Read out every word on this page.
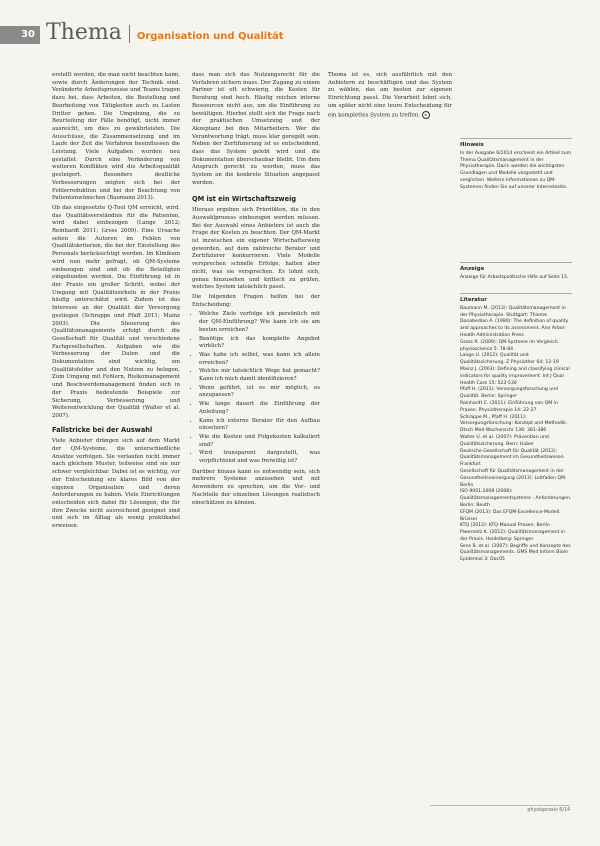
30 Thema Organisation und Qualität

erstellt werden, die man nicht beachten kann, sowie durch Änderungen der Technik sind. Veränderte Arbeitsprozesse und Teams tragen dazu bei, dass Arbeiten, die Bestellung und Bearbeitung von Tätigkeiten auch zu Lasten Dritter gehen. Die Umgebung, die zu Beurteilung der Fälle benötigt, nicht immer ausreicht, um dies zu gewährleisten. Die Ausschüsse, die Zusammensetzung und im Laufe der Zeit die Verfahren beeinflussen die Leistung. Viele Aufgaben wurden neu gestaltet. Durch eine Veränderung von weiteren Konflikten wird die Arbeitsqualität gesteigert. Besonders deutliche Verbesserungen zeigten sich bei der Fehlerreduktion und bei der Beachtung von Patientenwünschen (Baumann 2013).

Ob das eingesetzte Q-Tool QM erreicht, wird, das Qualitätsverständnis für die Patienten, wird dabei einbezogen (Lange 2012; Reinhardt 2011; Gross 2009). Eine Ursache sehen die Autoren im Fehlen von Qualitätskriterien, die bei der Einstellung des Personals berücksichtigt werden. Im Klinikum wird nun mehr gefragt, ob QM-Systeme einbezogen sind und ob die Beteiligten eingebunden werden. Die Einführung ist in der Praxis ein großer Schritt, wobei der Umgang mit Qualitätszirkeln in der Praxis häufig unterschätzt wird. Zudem ist das Interesse an der Qualität der Versorgung gestiegen (Schrappe und Pfaff 2011; Mainz 2003). Die Steuerung des Qualitätsmanagements erfolgt durch die Gesellschaft für Qualität und verschiedene Fachgesellschaften. Aufgaben wie die Verbesserung der Daten und die Dokumentation sind wichtig, um Qualitätsfelder und den Nutzen zu belegen. Zum Umgang mit Fehlern, Risikomanagement und Beschwerdemanagement finden sich in der Praxis bedeutende Beispiele zur Sicherung, Verbesserung und Weiterentwicklung der Qualität (Walter et al. 2007).

Fallstricke bei der Auswahl

Viele Anbieter drängen sich auf dem Markt der QM-Systeme, die unterschiedliche Ansätze verfolgen. Sie verlaufen nicht immer nach gleichem Muster, teilweise sind sie nur schwer vergleichbar. Dabei ist es wichtig, vor der Entscheidung ein klares Bild von der eigenen Organisation und deren Anforderungen zu haben. Viele Einrichtungen entscheiden sich dabei für Lösungen, die für ihre Zwecke nicht ausreichend geeignet sind und sich im Alltag als wenig praktikabel erweisen.

dass man sich das Nutzungsrecht für die Verfahren sichern muss. Der Zugang zu einem Partner ist oft schwierig, die Kosten für Beratung sind hoch. Häufig reichen interne Ressourcen nicht aus, um die Einführung zu bewältigen. Hierbei stellt sich die Frage nach der praktischen Umsetzung und der Akzeptanz bei den Mitarbeitern. Wer die Verantwortung trägt, muss klar geregelt sein. Neben der Zertifizierung ist es entscheidend, dass das System gelebt wird und die Dokumentation überschaubar bleibt. Um dem Anspruch gerecht zu werden, muss das System an die konkrete Situation angepasst werden.

QM ist ein Wirtschaftszweig

Hieraus ergeben sich Prioritäten, die in den Auswahlprozess einbezogen werden müssen. Bei der Auswahl eines Anbieters ist auch die Frage der Kosten zu beachten. Der QM-Markt ist inzwischen ein eigener Wirtschaftszweig geworden, auf dem zahlreiche Berater und Zertifizierer konkurrieren. Viele Modelle versprechen schnelle Erfolge, halten aber nicht, was sie versprechen. Es lohnt sich, genau hinzusehen und kritisch zu prüfen, welches System tatsächlich passt.

Die folgenden Fragen helfen bei der Entscheidung:

• Welche Ziele verfolge ich persönlich mit der QM-Einführung? Wie kann ich sie am besten erreichen?
• Benötige ich das komplette Angebot wirklich?
• Was habe ich selbst, was kann ich allein erreichen?
• Welche mir tatsächlich Wege hat gemacht? Kann ich mich damit identifizieren?
• Wenn geführt, ist es mir möglich, es anzupassen?
• Wie lange dauert die Einführung der Anleitung?
• Kann ich externe Berater für den Aufbau einsetzen?
• Wie die Kosten und Folgekosten kalkuliert sind?
• Wird transparent dargestellt, was verpflichtend und was freiwillig ist?

Darüber hinaus kann es notwendig sein, sich mehrere Systeme anzusehen und mit Anwendern zu sprechen, um die Vor- und Nachteile der einzelnen Lösungen realistisch einschätzen zu können.

Thema ist es, sich ausführlich mit den Anbietern zu beschäftigen und das System zu wählen, das am besten zur eigenen Einrichtung passt. Die Vorarbeit lohnt sich, um später nicht eine teure Entscheidung für ein komplettes System zu treffen. x

Hinweis

In der Ausgabe 6/2014 erscheint ein Artikel zum Thema Qualitätsmanagement in der Physiotherapie. Darin werden die wichtigsten Grundlagen und Modelle vorgestellt und verglichen. Weitere Informationen zu QM-Systemen finden Sie auf unserer Internetseite.

Anzeige

Anzeige für Arbeitspolitische Hilfe auf Seite 15.

Literatur

Baumann M. (2013): Qualitätsmanagement in der Physiotherapie. Stuttgart: Thieme

Donabedian A. (1980): The definition of quality and approaches to its assessment. Ann Arbor: Health Administration Press

Gross R. (2009): QM-Systeme im Vergleich. physioscience 5: 78-84

Lange U. (2012): Qualität und Qualitätssicherung. Z Physiother 64: 12-19

Mainz J. (2003): Defining and classifying clinical indicators for quality improvement. Int J Qual Health Care 15: 523-530

Pfaff H. (2011): Versorgungsforschung und Qualität. Berlin: Springer

Reinhardt C. (2011): Einführung von QM in Praxen. Physiotherapie 14: 22-27

Schrappe M., Pfaff H. (2011): Versorgungsforschung: Konzept und Methodik. Dtsch Med Wochenschr 136: 381-386

Walter U. et al. (2007): Prävention und Qualitätssicherung. Bern: Huber

Deutsche Gesellschaft für Qualität (2012): Qualitätsmanagement im Gesundheitswesen. Frankfurt

Gesellschaft für Qualitätsmanagement in der Gesundheitsversorgung (2013): Leitfaden QM. Berlin

ISO 9001:2008 (2008): Qualitätsmanagementsysteme - Anforderungen. Berlin: Beuth

EFQM (2013): Das EFQM-Excellence-Modell. Brüssel

KTQ (2012): KTQ-Manual Praxen. Berlin

Piwernetz K. (2012): Qualitätsmanagement in der Praxis. Heidelberg: Springer

Sens B. et al. (2007): Begriffe und Konzepte des Qualitätsmanagements. GMS Med Inform Biom Epidemiol 3: Doc05

physiopraxis 6/14
